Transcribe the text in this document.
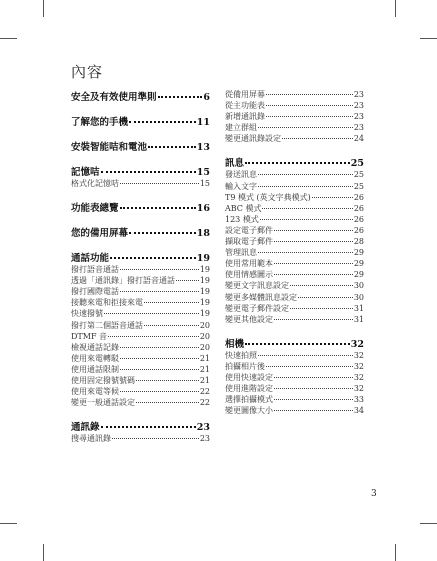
內容
安全及有效使用準則	6
了解您的手機	11
安裝智能咭和電池	13
記憶咭	15
格式化記憶咭	15
功能表總覽	16
您的備用屏幕	18
通話功能	19
撥打語音通話	19
透過「通訊錄」撥打語音通話	19
撥打國際電話	19
接聽來電和拒接來電	19
快速撥號	19
撥打第二個語音通話	20
DTMF 音	20
檢視通話記錄	20
使用來電轉駁	21
使用通話限制	21
使用固定撥號號碼	21
使用來電等候	22
變更一般通話設定	22
通訊錄	23
搜尋通訊錄	23
從備用屏幕	23
從主功能表	23
新增通訊錄	23
建立群組	23
變更通訊錄設定	24
訊息	25
發送訊息	25
輸入文字	25
T9 模式 (英文字典模式)	26
ABC 模式	26
123 模式	26
設定電子郵件	26
擷取電子郵件	28
管理訊息	29
使用常用範本	29
使用情感圖示	29
變更文字訊息設定	30
變更多媒體訊息設定	30
變更電子郵件設定	31
變更其他設定	31
相機	32
快速拍照	32
拍攝相片後	32
使用快速設定	32
使用進階設定	32
選擇拍攝模式	33
變更圖像大小	34
3
